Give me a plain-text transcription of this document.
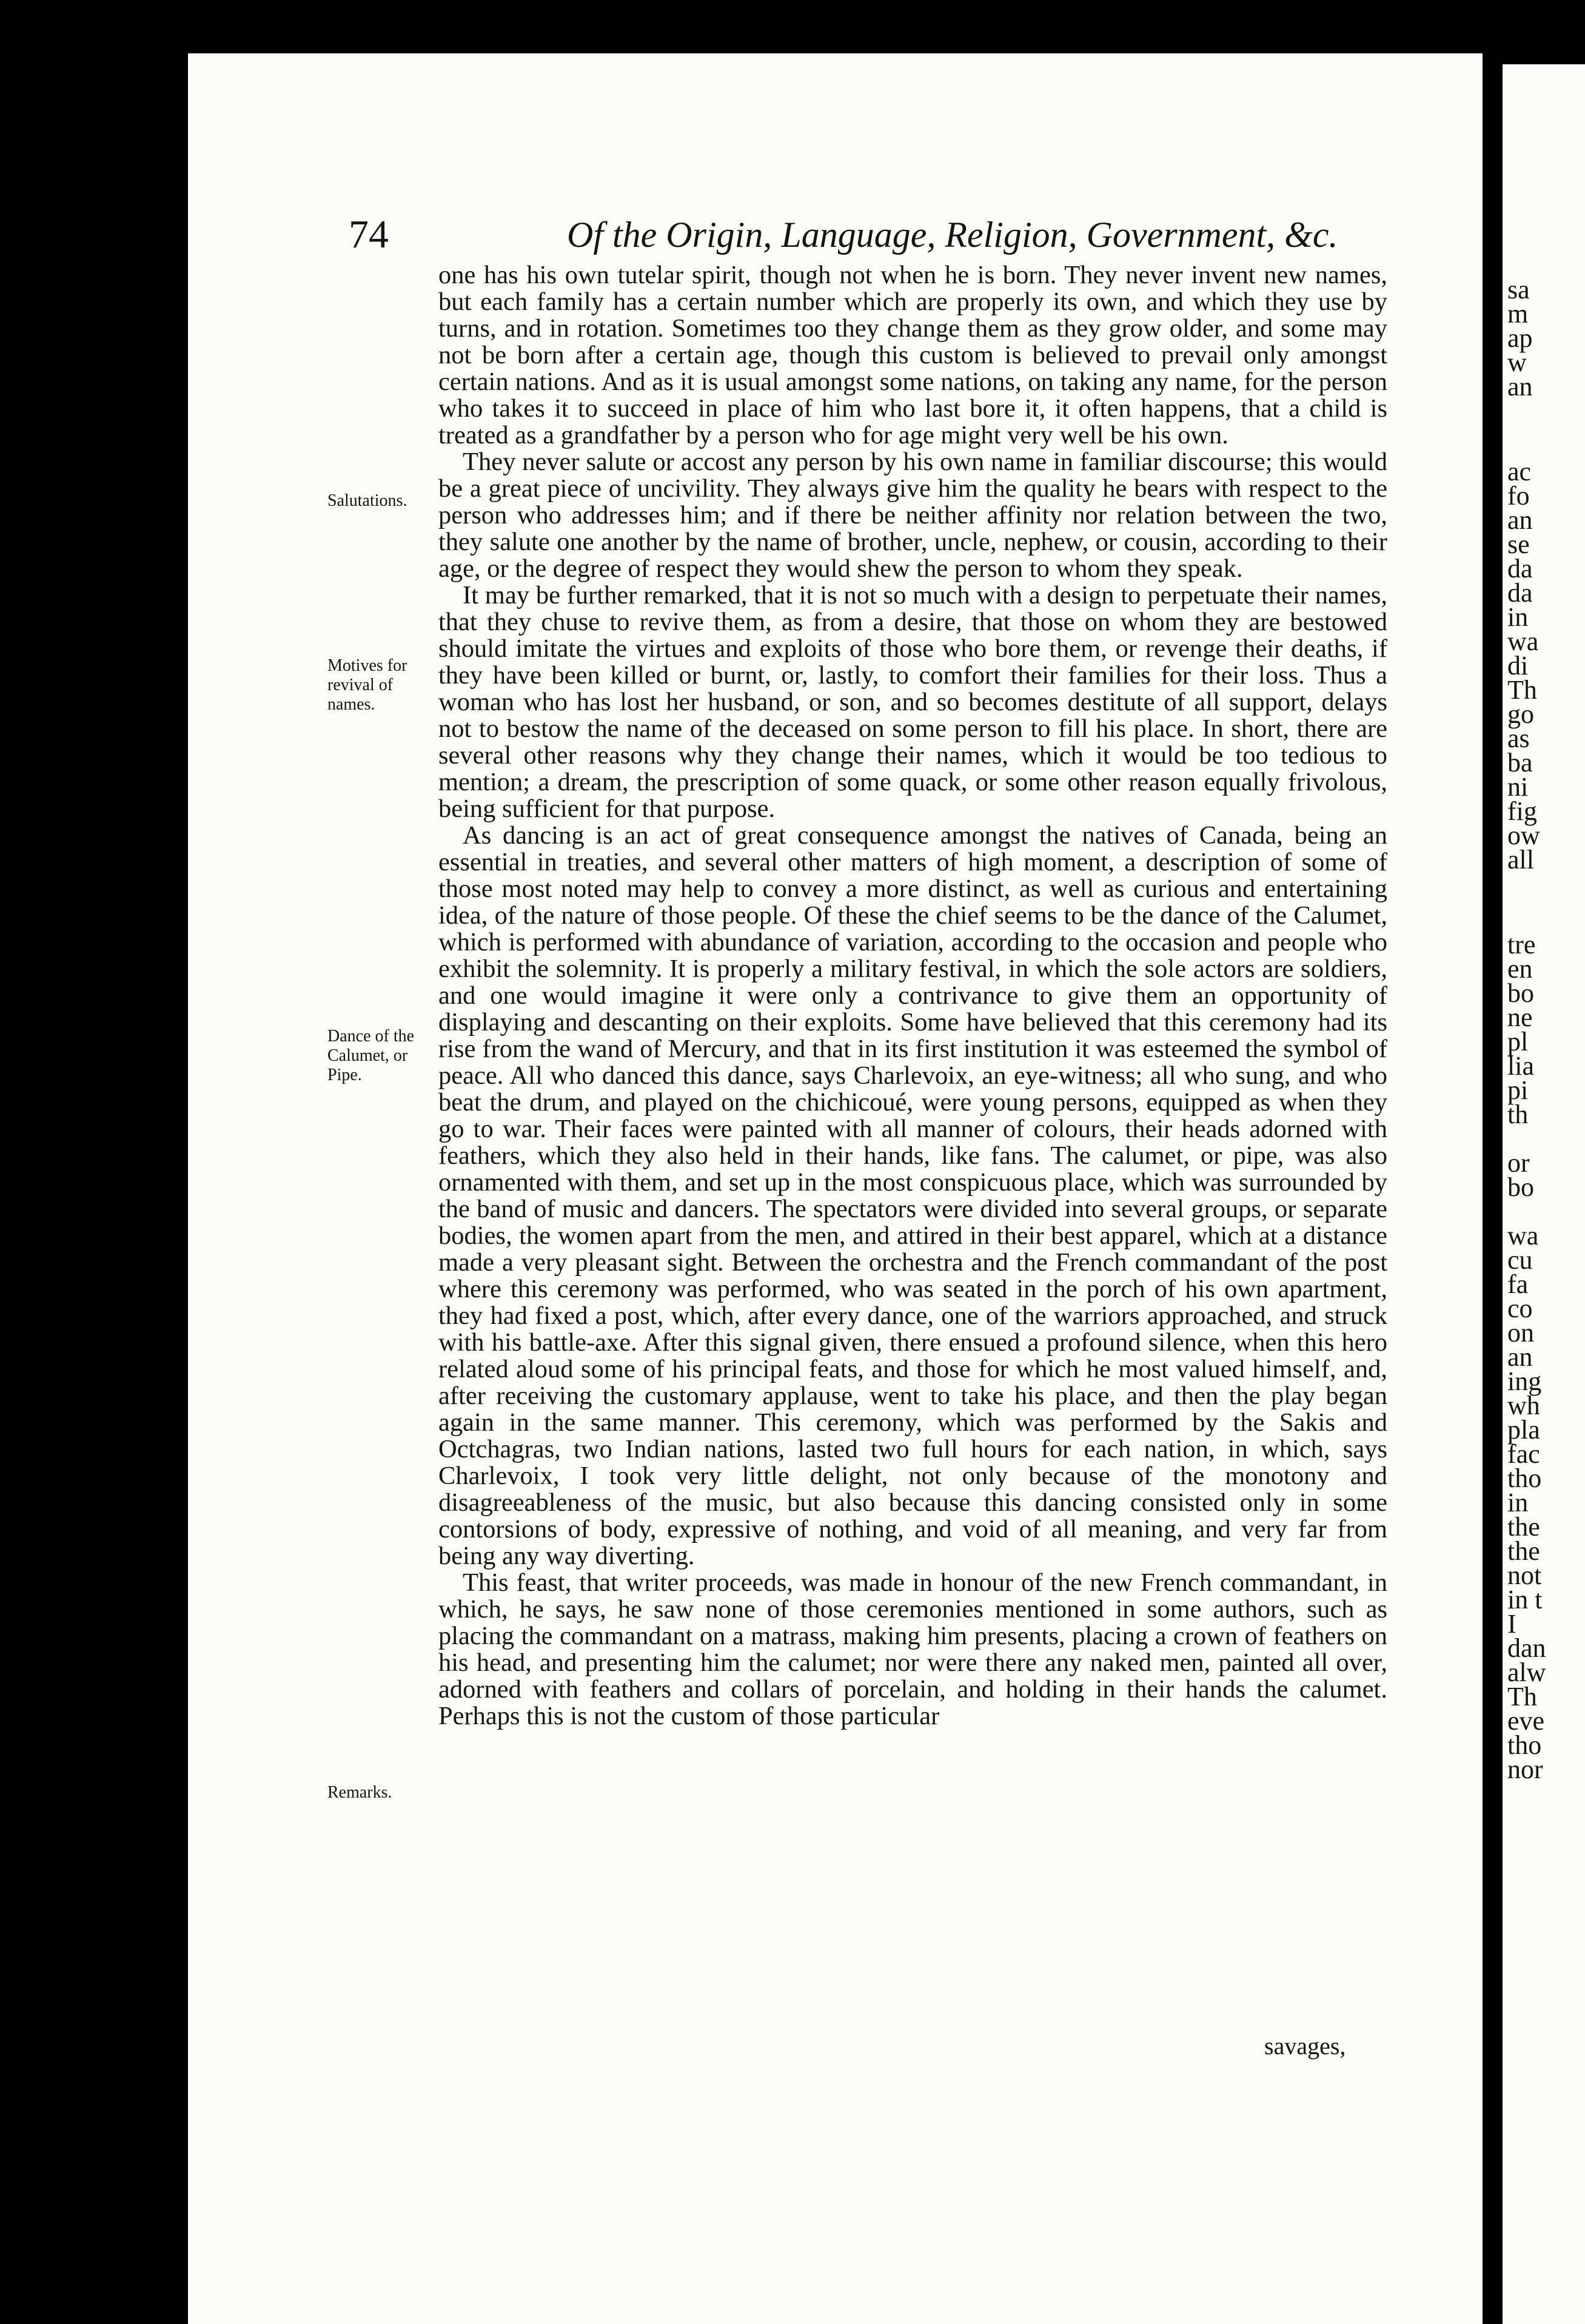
74	Of the Origin, Language, Religion, Government, &c.

one has his own tutelar spirit, though not when he is born. They never invent new names, but each family has a certain number which are properly its own, and which they use by turns, and in rotation. Sometimes too they change them as they grow older, and some may not be born after a certain age, though this custom is believed to prevail only amongst certain nations. And as it is usual amongst some nations, on taking any name, for the person who takes it to succeed in place of him who last bore it, it often happens, that a child is treated as a grandfather by a person who for age might very well be his own.

They never salute or accost any person by his own name in familiar discourse; this would be a great piece of uncivility. They always give him the quality he bears with respect to the person who addresses him; and if there be neither affinity nor relation between the two, they salute one another by the name of brother, uncle, nephew, or cousin, according to their age, or the degree of respect they would shew the person to whom they speak.

It may be further remarked, that it is not so much with a design to perpetuate their names, that they chuse to revive them, as from a desire, that those on whom they are bestowed should imitate the virtues and exploits of those who bore them, or revenge their deaths, if they have been killed or burnt, or, lastly, to comfort their families for their loss. Thus a woman who has lost her husband, or son, and so becomes destitute of all support, delays not to bestow the name of the deceased on some person to fill his place. In short, there are several other reasons why they change their names, which it would be too tedious to mention; a dream, the prescription of some quack, or some other reason equally frivolous, being sufficient for that purpose.

As dancing is an act of great consequence amongst the natives of Canada, being an essential in treaties, and several other matters of high moment, a description of some of those most noted may help to convey a more distinct, as well as curious and entertaining idea, of the nature of those people. Of these the chief seems to be the dance of the Calumet, which is performed with abundance of variation, according to the occasion and people who exhibit the solemnity. It is properly a military festival, in which the sole actors are soldiers, and one would imagine it were only a contrivance to give them an opportunity of displaying and descanting on their exploits. Some have believed that this ceremony had its rise from the wand of Mercury, and that in its first institution it was esteemed the symbol of peace. All who danced this dance, says Charlevoix, an eye-witness; all who sung, and who beat the drum, and played on the chichicoué, were young persons, equipped as when they go to war. Their faces were painted with all manner of colours, their heads adorned with feathers, which they also held in their hands, like fans. The calumet, or pipe, was also ornamented with them, and set up in the most conspicuous place, which was surrounded by the band of music and dancers. The spectators were divided into several groups, or separate bodies, the women apart from the men, and attired in their best apparel, which at a distance made a very pleasant sight. Between the orchestra and the French commandant of the post where this ceremony was performed, who was seated in the porch of his own apartment, they had fixed a post, which, after every dance, one of the warriors approached, and struck with his battle-axe. After this signal given, there ensued a profound silence, when this hero related aloud some of his principal feats, and those for which he most valued himself, and, after receiving the customary applause, went to take his place, and then the play began again in the same manner. This ceremony, which was performed by the Sakis and Octchagras, two Indian nations, lasted two full hours for each nation, in which, says Charlevoix, I took very little delight, not only because of the monotony and disagreeableness of the music, but also because this dancing consisted only in some contorsions of body, expressive of nothing, and void of all meaning, and very far from being any way diverting.

This feast, that writer proceeds, was made in honour of the new French commandant, in which, he says, he saw none of those ceremonies mentioned in some authors, such as placing the commandant on a matrass, making him presents, placing a crown of feathers on his head, and presenting him the calumet; nor were there any naked men, painted all over, adorned with feathers and collars of porcelain, and holding in their hands the calumet. Perhaps this is not the custom of those particular

Salutations.
Motives for revival of names.
Dance of the Calumet, or Pipe.
Remarks.
savages,
sa
m
ap
w
an
ac
fo
an
se
da
da
in
wa
di
Th
go
as
ba
ni
fig
ow
all
tre
en
bo
ne
pl
lia
pi
th
or
bo
wa
cu
fa
co
on
an
ing
wh
pla
fac
tho
in
the
the
not
in t
I
dan
alw
Th
eve
tho
nor
